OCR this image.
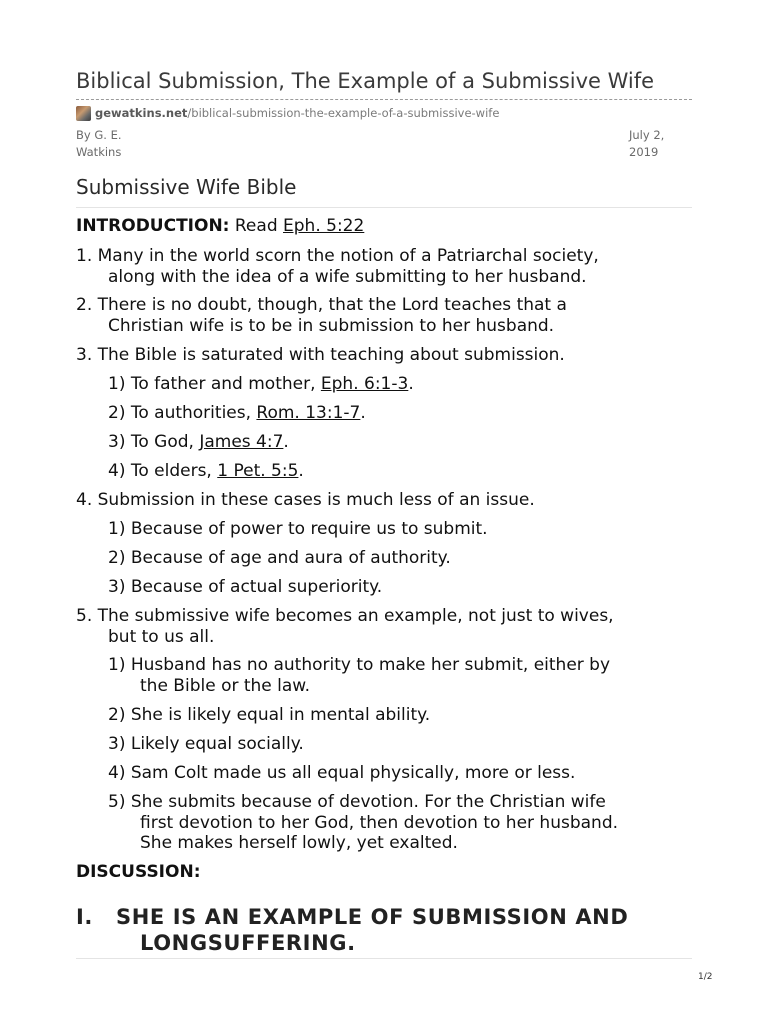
Biblical Submission, The Example of a Submissive Wife
gewatkins.net /biblical-submission-the-example-of-a-submissive-wife
By G. E.
Watkins
July 2,
2019
Submissive Wife Bible
INTRODUCTION: Read Eph. 5:22
1. Many in the world scorn the notion of a Patriarchal society,
along with the idea of a wife submitting to her husband.
2. There is no doubt, though, that the Lord teaches that a
Christian wife is to be in submission to her husband.
3. The Bible is saturated with teaching about submission.
1) To father and mother, Eph. 6:1-3.
2) To authorities, Rom. 13:1-7.
3) To God, James 4:7.
4) To elders, 1 Pet. 5:5.
4. Submission in these cases is much less of an issue.
1) Because of power to require us to submit.
2) Because of age and aura of authority.
3) Because of actual superiority.
5. The submissive wife becomes an example, not just to wives,
but to us all.
1) Husband has no authority to make her submit, either by
the Bible or the law.
2) She is likely equal in mental ability.
3) Likely equal socially.
4) Sam Colt made us all equal physically, more or less.
5) She submits because of devotion. For the Christian wife
first devotion to her God, then devotion to her husband.
She makes herself lowly, yet exalted.
DISCUSSION:
I. SHE IS AN EXAMPLE OF SUBMISSION AND
LONGSUFFERING.
1/2
